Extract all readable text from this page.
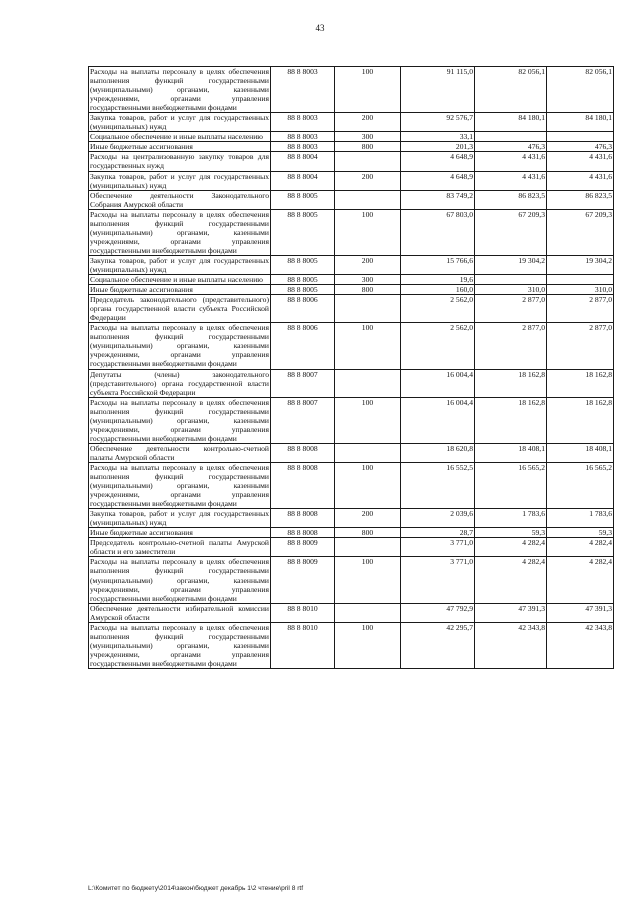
43
Расходы на выплаты персоналу в целях обеспечения выполнения функций государственными (муниципальными) органами, казенными учреждениями, органами управления государственными внебюджетными фондами	88 8 8003	100	91 115,0	82 056,1	82 056,1
Закупка товаров, работ и услуг для государственных (муниципальных) нужд	88 8 8003	200	92 576,7	84 180,1	84 180,1
Социальное обеспечение и иные выплаты населению	88 8 8003	300	33,1		
Иные бюджетные ассигнования	88 8 8003	800	201,3	476,3	476,3
Расходы на централизованную закупку товаров для государственных нужд	88 8 8004		4 648,9	4 431,6	4 431,6
Закупка товаров, работ и услуг для государственных (муниципальных) нужд	88 8 8004	200	4 648,9	4 431,6	4 431,6
Обеспечение деятельности Законодательного Собрания Амурской области	88 8 8005		83 749,2	86 823,5	86 823,5
Расходы на выплаты персоналу в целях обеспечения выполнения функций государственными (муниципальными) органами, казенными учреждениями, органами управления государственными внебюджетными фондами	88 8 8005	100	67 803,0	67 209,3	67 209,3
Закупка товаров, работ и услуг для государственных (муниципальных) нужд	88 8 8005	200	15 766,6	19 304,2	19 304,2
Социальное обеспечение и иные выплаты населению	88 8 8005	300	19,6		
Иные бюджетные ассигнования	88 8 8005	800	160,0	310,0	310,0
Председатель законодательного (представительного) органа государственной власти субъекта Российской Федерации	88 8 8006		2 562,0	2 877,0	2 877,0
Расходы на выплаты персоналу в целях обеспечения выполнения функций государственными (муниципальными) органами, казенными учреждениями, органами управления государственными внебюджетными фондами	88 8 8006	100	2 562,0	2 877,0	2 877,0
Депутаты (члены) законодательного (представительного) органа государственной власти субъекта Российской Федерации	88 8 8007		16 004,4	18 162,8	18 162,8
Расходы на выплаты персоналу в целях обеспечения выполнения функций государственными (муниципальными) органами, казенными учреждениями, органами управления государственными внебюджетными фондами	88 8 8007	100	16 004,4	18 162,8	18 162,8
Обеспечение деятельности контрольно-счетной палаты Амурской области	88 8 8008		18 620,8	18 408,1	18 408,1
Расходы на выплаты персоналу в целях обеспечения выполнения функций государственными (муниципальными) органами, казенными учреждениями, органами управления государственными внебюджетными фондами	88 8 8008	100	16 552,5	16 565,2	16 565,2
Закупка товаров, работ и услуг для государственных (муниципальных) нужд	88 8 8008	200	2 039,6	1 783,6	1 783,6
Иные бюджетные ассигнования	88 8 8008	800	28,7	59,3	59,3
Председатель контрольно-счетной палаты Амурской области и его заместители	88 8 8009		3 771,0	4 282,4	4 282,4
Расходы на выплаты персоналу в целях обеспечения выполнения функций государственными (муниципальными) органами, казенными учреждениями, органами управления государственными внебюджетными фондами	88 8 8009	100	3 771,0	4 282,4	4 282,4
Обеспечение деятельности избирательной комиссии Амурской области	88 8 8010		47 792,9	47 391,3	47 391,3
Расходы на выплаты персоналу в целях обеспечения выполнения функций государственными (муниципальными) органами, казенными учреждениями, органами управления государственными внебюджетными фондами	88 8 8010	100	42 295,7	42 343,8	42 343,8
L:\Комитет по бюджету\2014\закон\бюджет декабрь 1\2 чтение\pril 8 rtf
